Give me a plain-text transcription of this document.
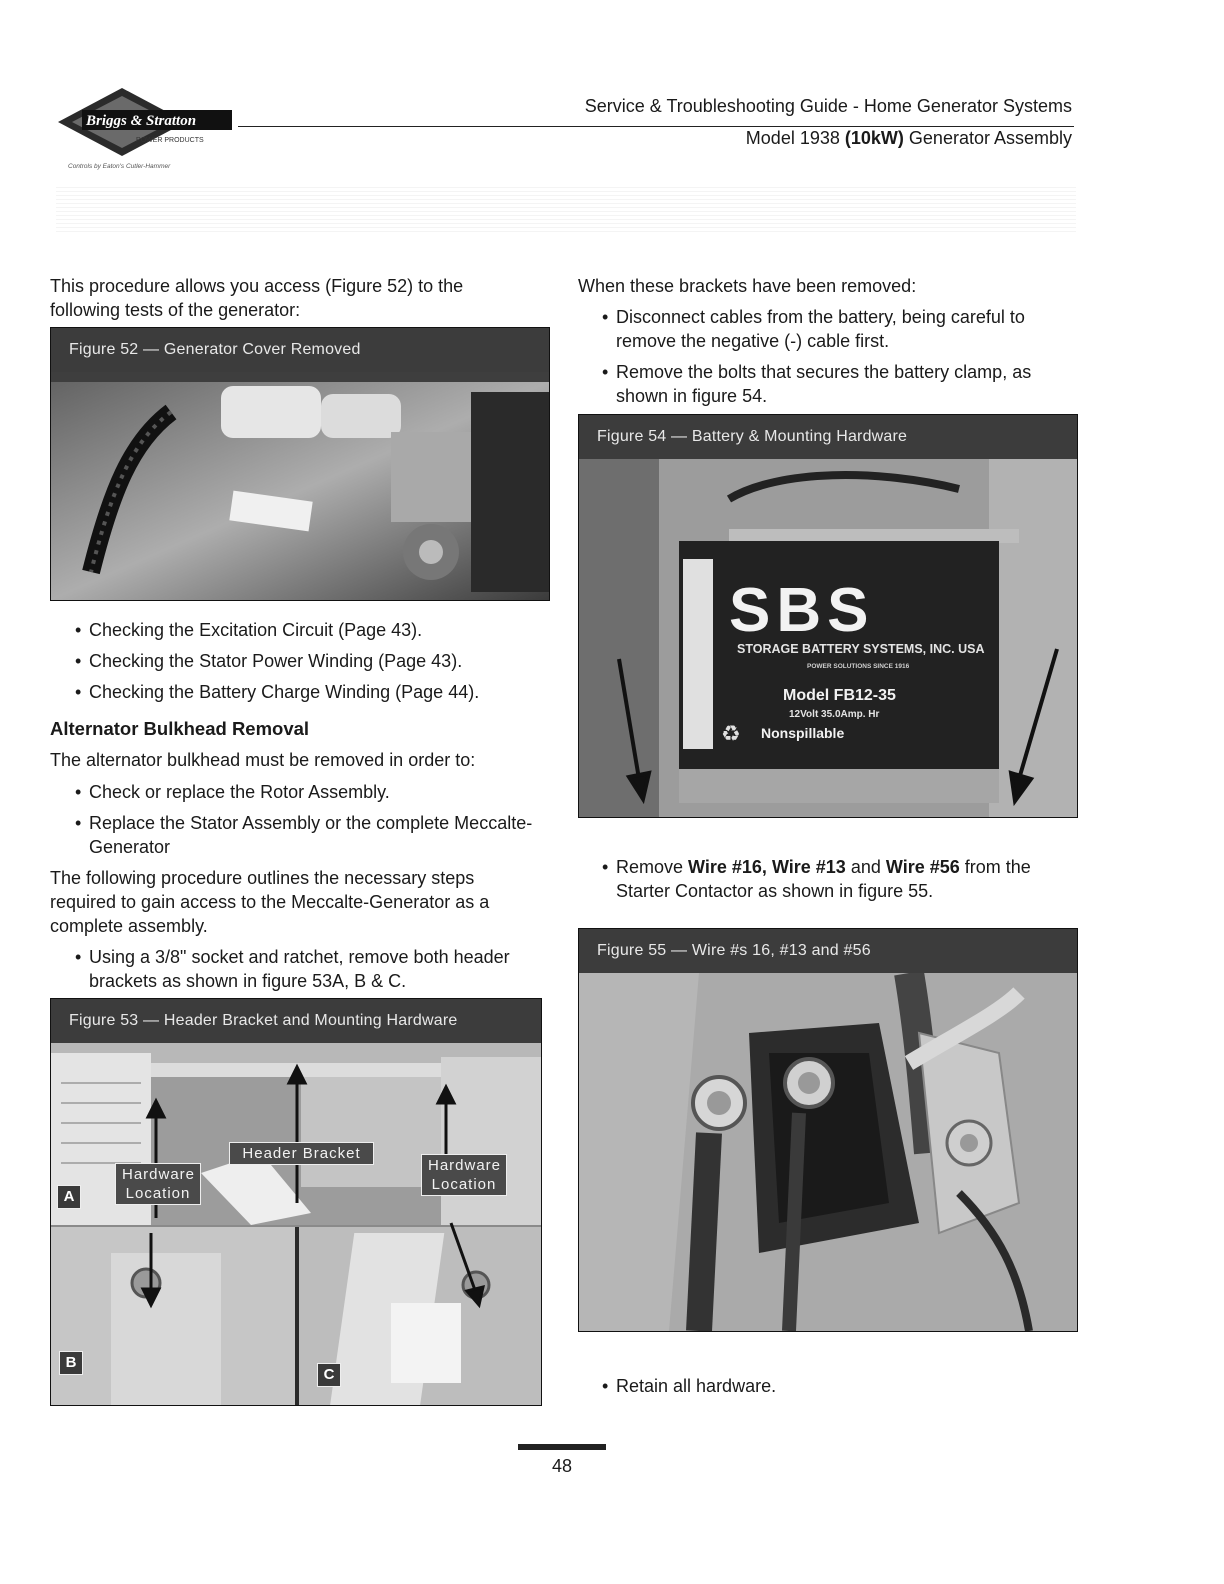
Briggs & Stratton
POWER PRODUCTS
Controls by Eaton's Cutler-Hammer
Service & Troubleshooting Guide - Home Generator Systems
Model 1938 (10kW) Generator Assembly
This procedure allows you access (Figure 52) to the following tests of the generator:
Figure 52 — Generator Cover Removed
• Checking the Excitation Circuit (Page 43).
• Checking the Stator Power Winding (Page 43).
• Checking the Battery Charge Winding (Page 44).
Alternator Bulkhead Removal
The alternator bulkhead must be removed in order to:
• Check or replace the Rotor Assembly.
• Replace the Stator Assembly or the complete Meccalte-Generator
The following procedure outlines the necessary steps required to gain access to the Meccalte-Generator as a complete assembly.
• Using a 3/8" socket and ratchet, remove both header brackets as shown in figure 53A, B & C.
Figure 53 — Header Bracket and Mounting Hardware
Header Bracket
Hardware Location
Hardware Location
A
B
C
When these brackets have been removed:
• Disconnect cables from the battery, being careful to remove the negative (-) cable first.
• Remove the bolts that secures the battery clamp, as shown in figure 54.
Figure 54 — Battery & Mounting Hardware
SBS
STORAGE BATTERY SYSTEMS, INC. USA
POWER SOLUTIONS SINCE 1916
Model FB12-35
12Volt 35.0Amp. Hr
Nonspillable
♻
• Remove Wire #16, Wire #13 and Wire #56 from the Starter Contactor as shown in figure 55.
Figure 55 — Wire #s 16, #13 and #56
• Retain all hardware.
48
